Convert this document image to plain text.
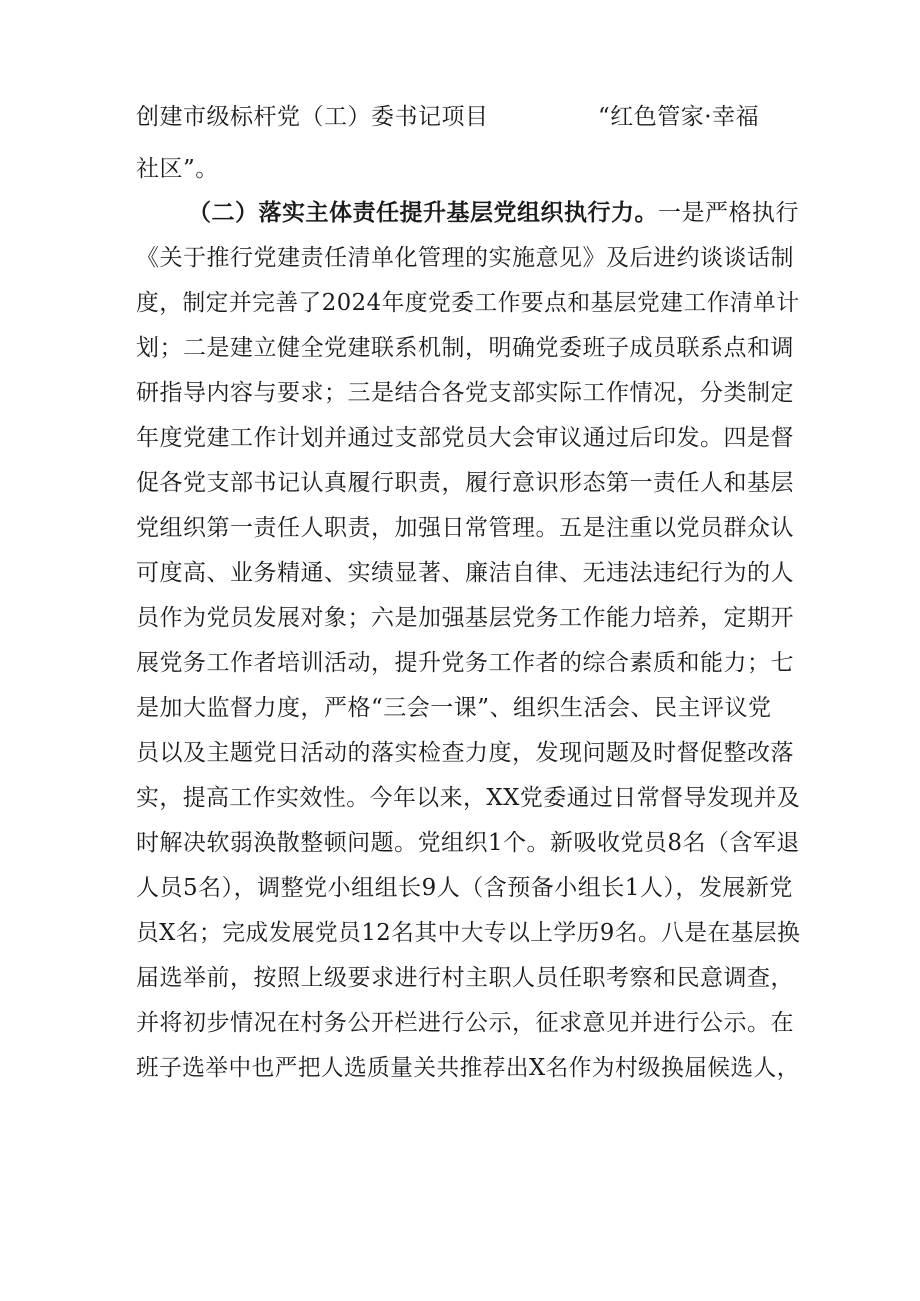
创建市级标杆党（工）委书记项目	“红色管家·幸福
社区”。
（二）落实主体责任提升基层党组织执行力。一是严格执行
《关于推行党建责任清单化管理的实施意见》及后进约谈谈话制
度，制定并完善了2024年度党委工作要点和基层党建工作清单计
划；二是建立健全党建联系机制，明确党委班子成员联系点和调
研指导内容与要求；三是结合各党支部实际工作情况，分类制定
年度党建工作计划并通过支部党员大会审议通过后印发。四是督
促各党支部书记认真履行职责，履行意识形态第一责任人和基层
党组织第一责任人职责，加强日常管理。五是注重以党员群众认
可度高、业务精通、实绩显著、廉洁自律、无违法违纪行为的人
员作为党员发展对象；六是加强基层党务工作能力培养，定期开
展党务工作者培训活动，提升党务工作者的综合素质和能力；七
是加大监督力度，严格“三会一课”、组织生活会、民主评议党
员以及主题党日活动的落实检查力度，发现问题及时督促整改落
实，提高工作实效性。今年以来，XX党委通过日常督导发现并及
时解决软弱涣散整顿问题。党组织1个。新吸收党员8名（含军退
人员5名），调整党小组组长9人（含预备小组长1人），发展新党
员X名；完成发展党员12名其中大专以上学历9名。八是在基层换
届选举前，按照上级要求进行村主职人员任职考察和民意调查，
并将初步情况在村务公开栏进行公示，征求意见并进行公示。在
班子选举中也严把人选质量关共推荐出X名作为村级换届候选人，
